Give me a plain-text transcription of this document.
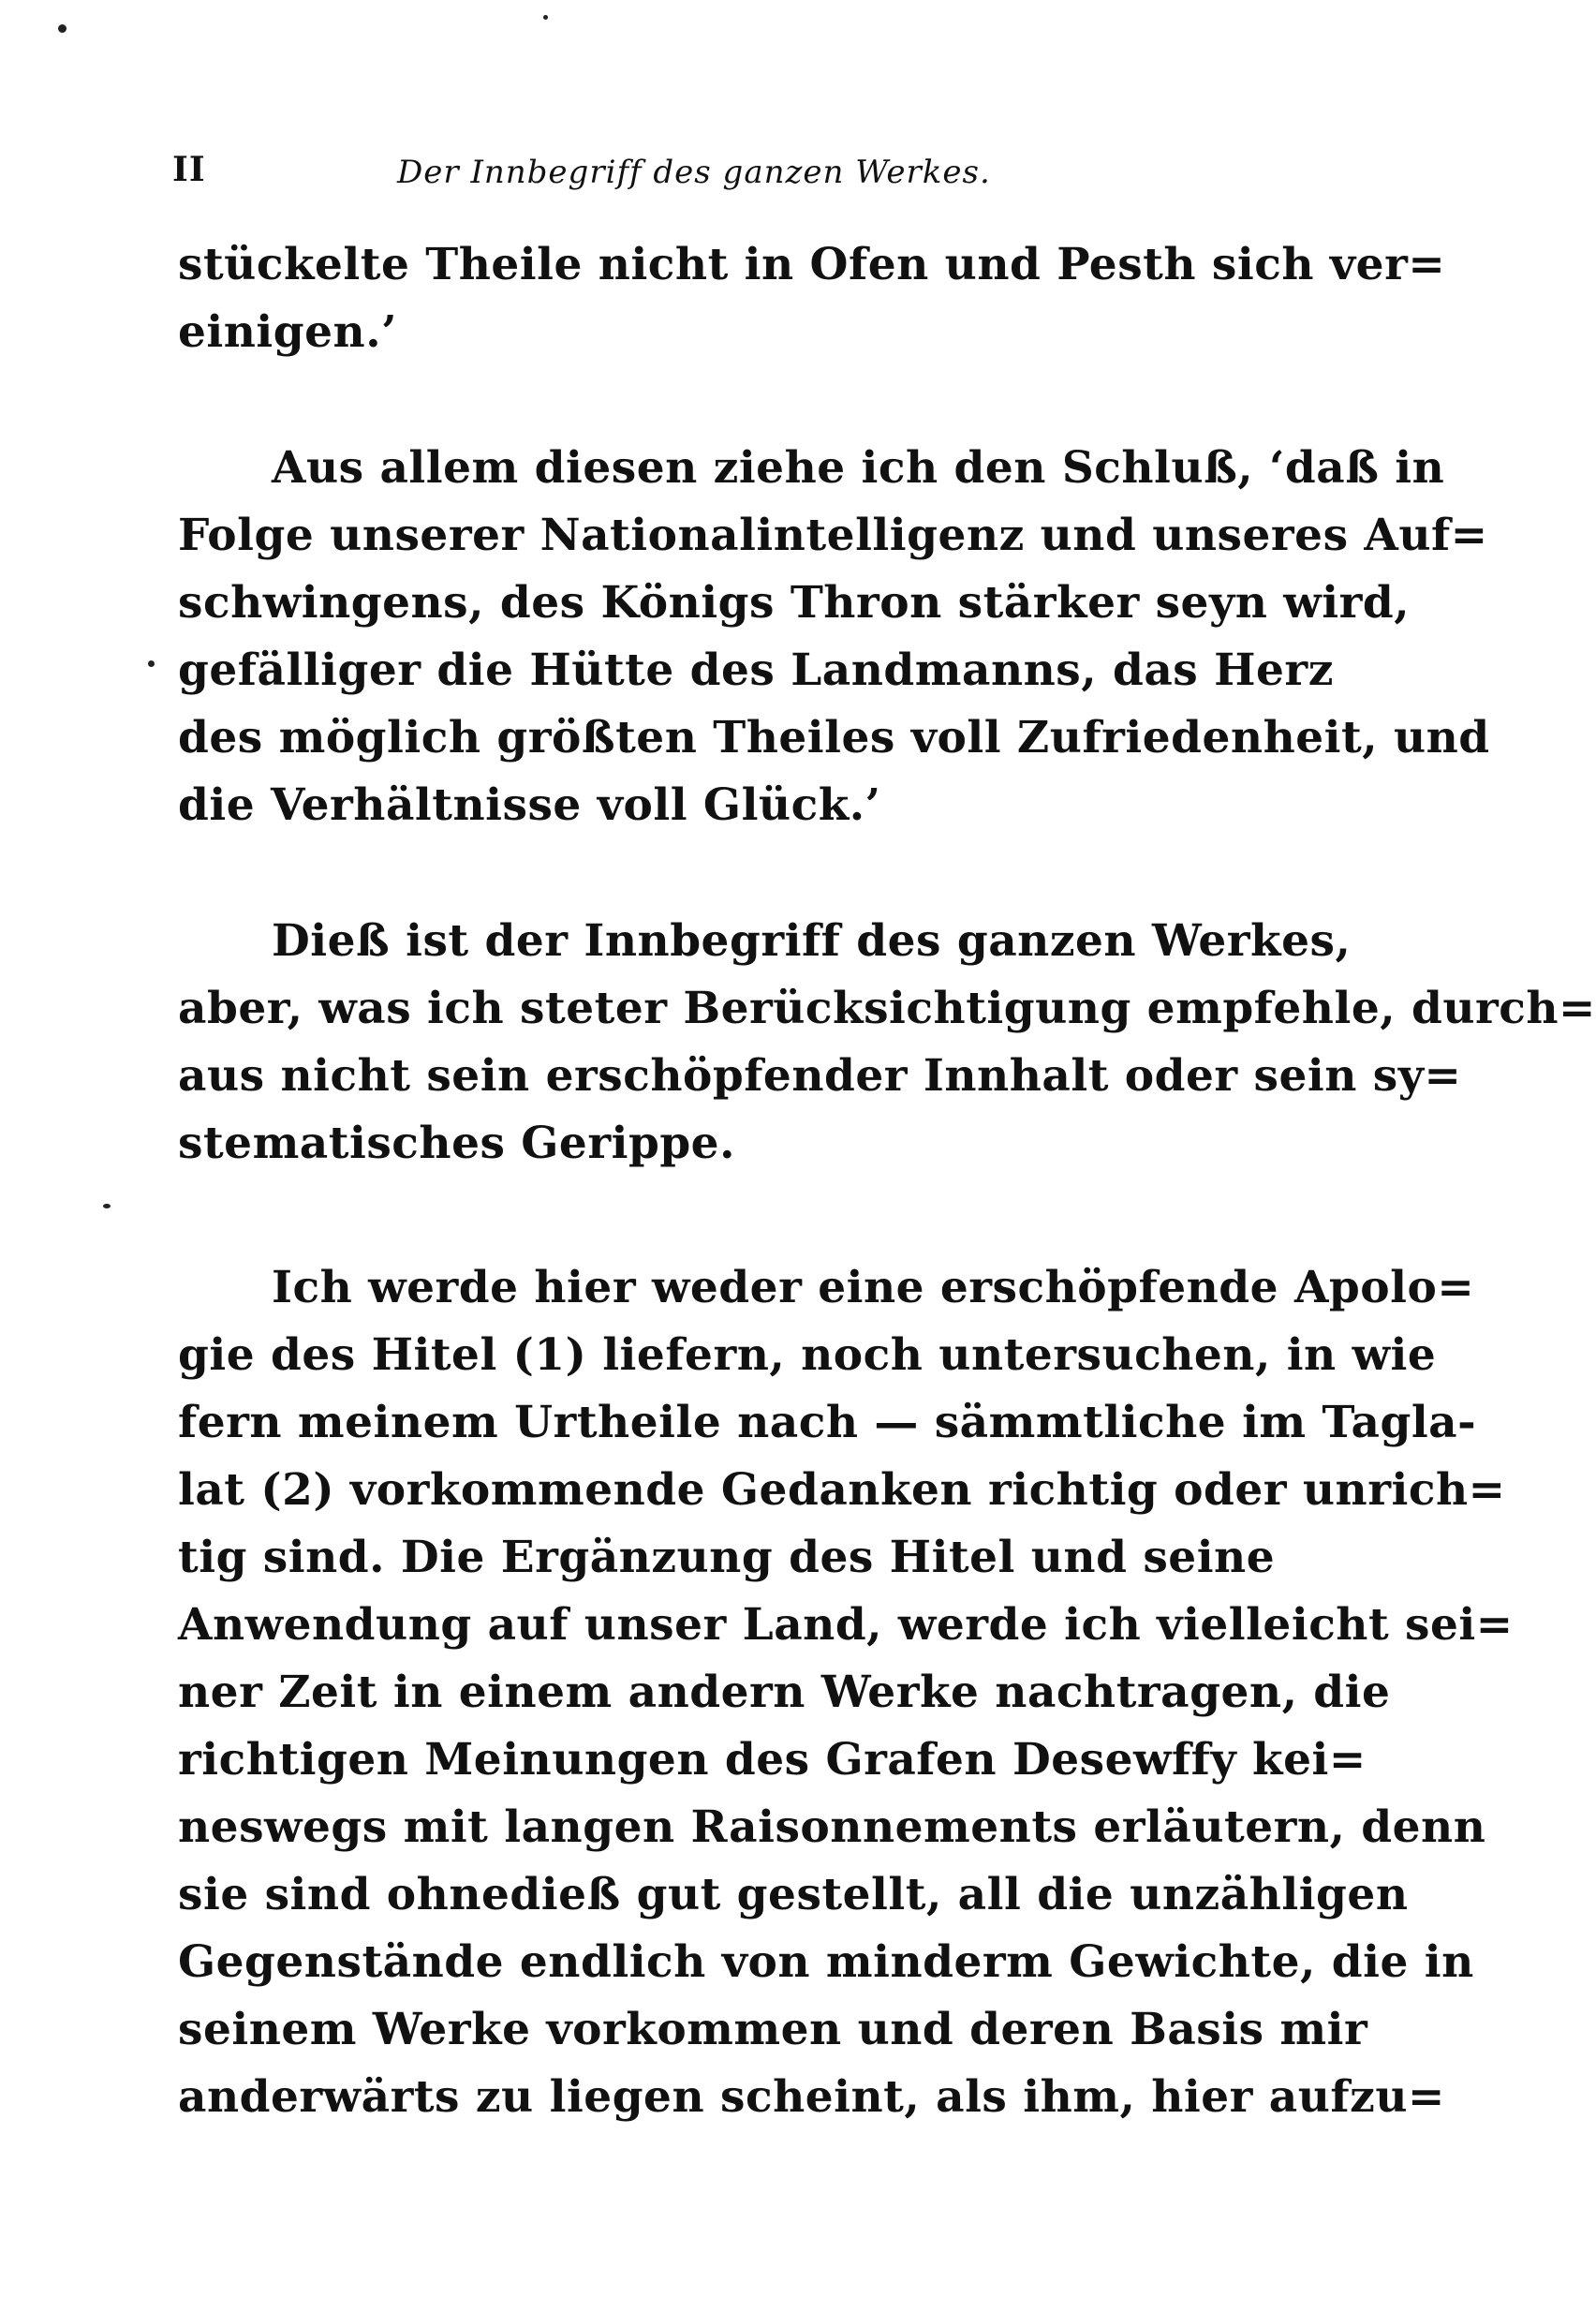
II	Der Innbegriff des ganzen Werkes.
stückelte Theile nicht in Ofen und Pesth sich ver=
einigen.’
Aus allem diesen ziehe ich den Schluß, ‘daß in
Folge unserer Nationalintelligenz und unseres Auf=
schwingens, des Königs Thron stärker seyn wird,
gefälliger die Hütte des Landmanns, das Herz
des möglich größten Theiles voll Zufriedenheit, und
die Verhältnisse voll Glück.’
Dieß ist der Innbegriff des ganzen Werkes,
aber, was ich steter Berücksichtigung empfehle, durch=
aus nicht sein erschöpfender Innhalt oder sein sy=
stematisches Gerippe.
Ich werde hier weder eine erschöpfende Apolo=
gie des Hitel (1) liefern, noch untersuchen, in wie
fern meinem Urtheile nach — sämmtliche im Tagla-
lat (2) vorkommende Gedanken richtig oder unrich=
tig sind. Die Ergänzung des Hitel und seine
Anwendung auf unser Land, werde ich vielleicht sei=
ner Zeit in einem andern Werke nachtragen, die
richtigen Meinungen des Grafen Desewffy kei=
neswegs mit langen Raisonnements erläutern, denn
sie sind ohnedieß gut gestellt, all die unzähligen
Gegenstände endlich von minderm Gewichte, die in
seinem Werke vorkommen und deren Basis mir
anderwärts zu liegen scheint, als ihm, hier aufzu=
